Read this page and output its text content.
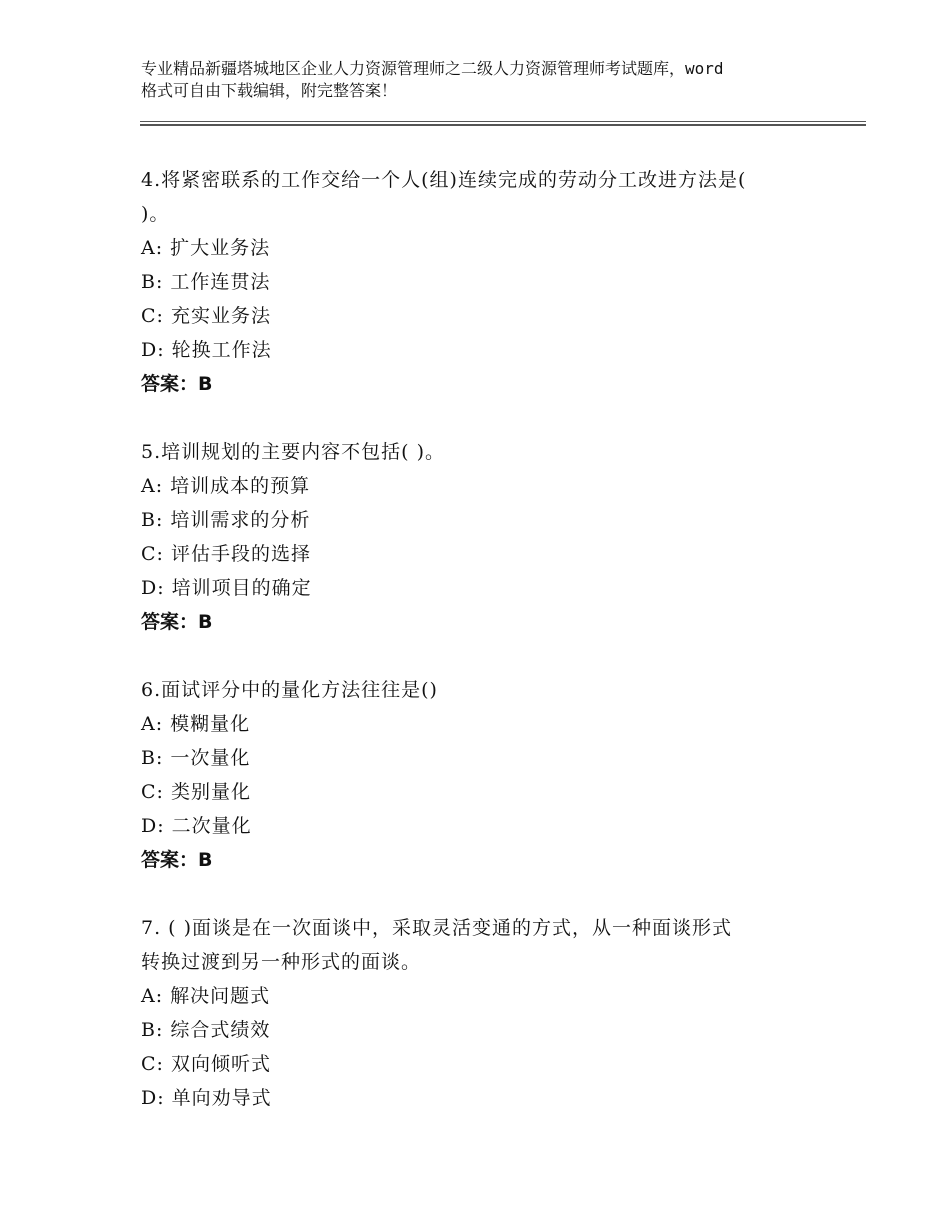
专业精品新疆塔城地区企业人力资源管理师之二级人力资源管理师考试题库，word
格式可自由下载编辑，附完整答案！
4.将紧密联系的工作交给一个人(组)连续完成的劳动分工改进方法是(
)。
A: 扩大业务法
B: 工作连贯法
C: 充实业务法
D: 轮换工作法
答案：B
5.培训规划的主要内容不包括( )。
A: 培训成本的预算
B: 培训需求的分析
C: 评估手段的选择
D: 培训项目的确定
答案：B
6.面试评分中的量化方法往往是()
A: 模糊量化
B: 一次量化
C: 类别量化
D: 二次量化
答案：B
7. ( )面谈是在一次面谈中，采取灵活变通的方式，从一种面谈形式
转换过渡到另一种形式的面谈。
A: 解决问题式
B: 综合式绩效
C: 双向倾听式
D: 单向劝导式
